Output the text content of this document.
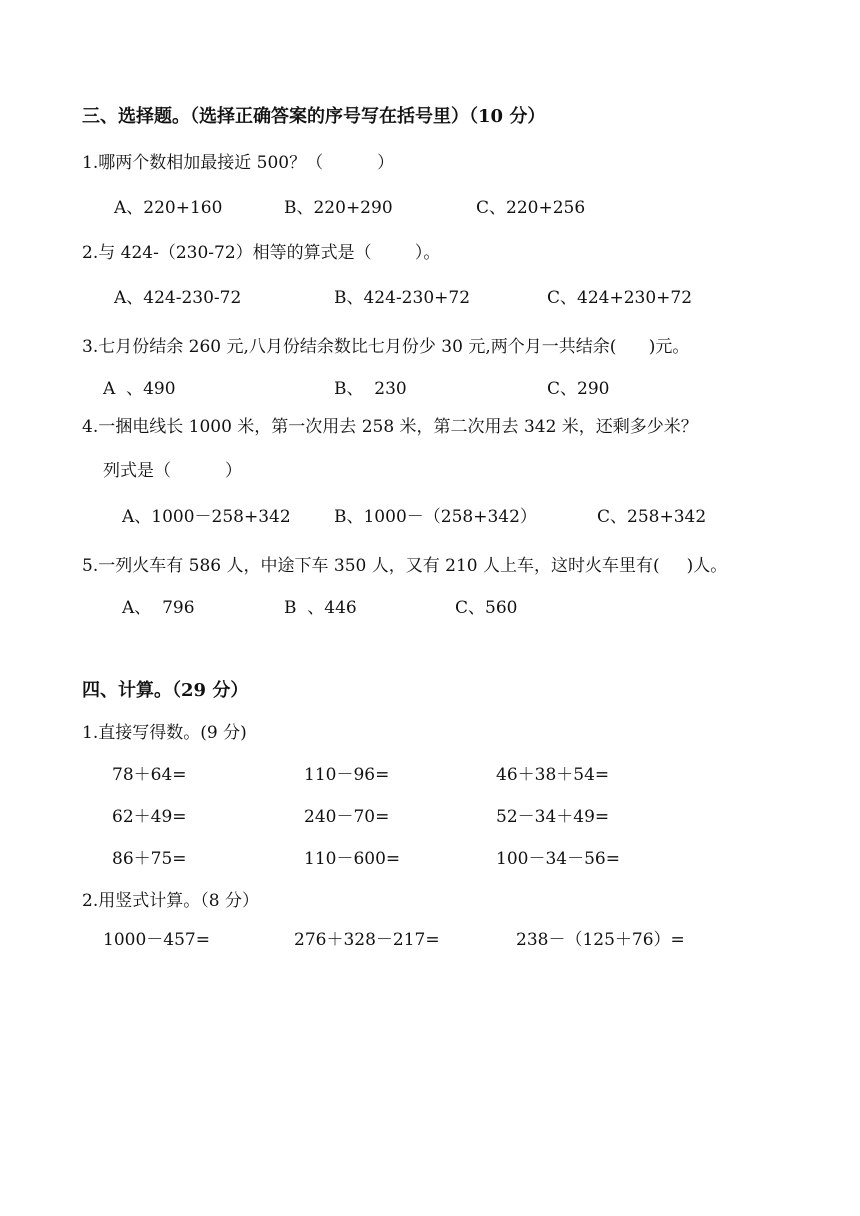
三、选择题。（选择正确答案的序号写在括号里）（10 分）
1.哪两个数相加最接近 500？（          ）
A、220+160	B、220+290	C、220+256
2.与 424-（230-72）相等的算式是（        ）。
A、424-230-72	B、424-230+72	C、424+230+72
3.七月份结余 260 元,八月份结余数比七月份少 30 元,两个月一共结余(      )元。
A  、490	B、  230	C、290
4.一捆电线长 1000 米，第一次用去 258 米，第二次用去 342 米，还剩多少米？
列式是（          ）
A、1000－258+342	B、1000－（258+342）	C、258+342
5.一列火车有 586 人，中途下车 350 人，又有 210 人上车，这时火车里有(     )人。
A、  796	B  、446	C、560
四、计算。（29 分）
1.直接写得数。(9 分)
78＋64=	110－96=	46＋38＋54=
62＋49=	240－70=	52－34＋49=
86＋75=	110－600=	100－34－56=
2.用竖式计算。（8 分）
1000－457=	276＋328－217=	238－（125＋76）=
